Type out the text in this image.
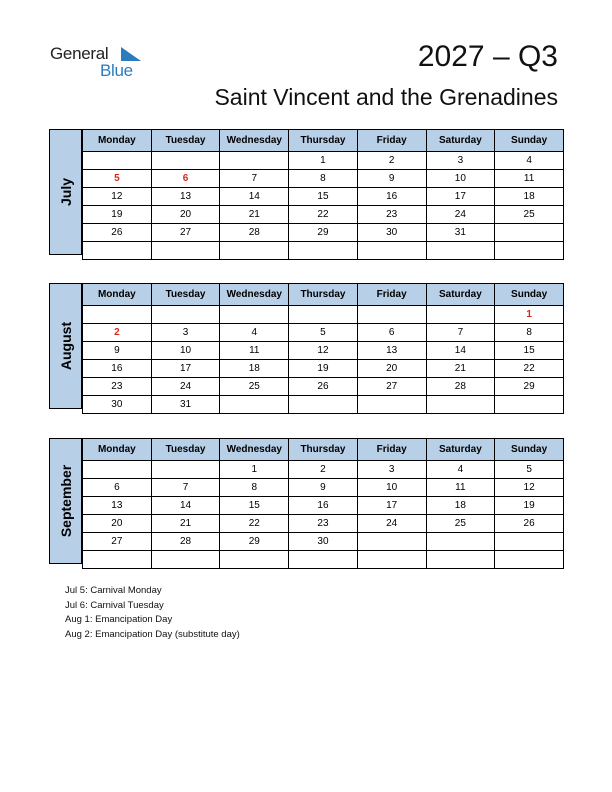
General
Blue	2027 – Q3
Saint Vincent and the Grenadines
July
Monday	Tuesday	Wednesday	Thursday	Friday	Saturday	Sunday
			1	2	3	4
5	6	7	8	9	10	11
12	13	14	15	16	17	18
19	20	21	22	23	24	25
26	27	28	29	30	31	

August
Monday	Tuesday	Wednesday	Thursday	Friday	Saturday	Sunday
						1
2	3	4	5	6	7	8
9	10	11	12	13	14	15
16	17	18	19	20	21	22
23	24	25	26	27	28	29
30	31					
September
Monday	Tuesday	Wednesday	Thursday	Friday	Saturday	Sunday
		1	2	3	4	5
6	7	8	9	10	11	12
13	14	15	16	17	18	19
20	21	22	23	24	25	26
27	28	29	30			

Jul 5: Carnival Monday
Jul 6: Carnival Tuesday
Aug 1: Emancipation Day
Aug 2: Emancipation Day (substitute day)
